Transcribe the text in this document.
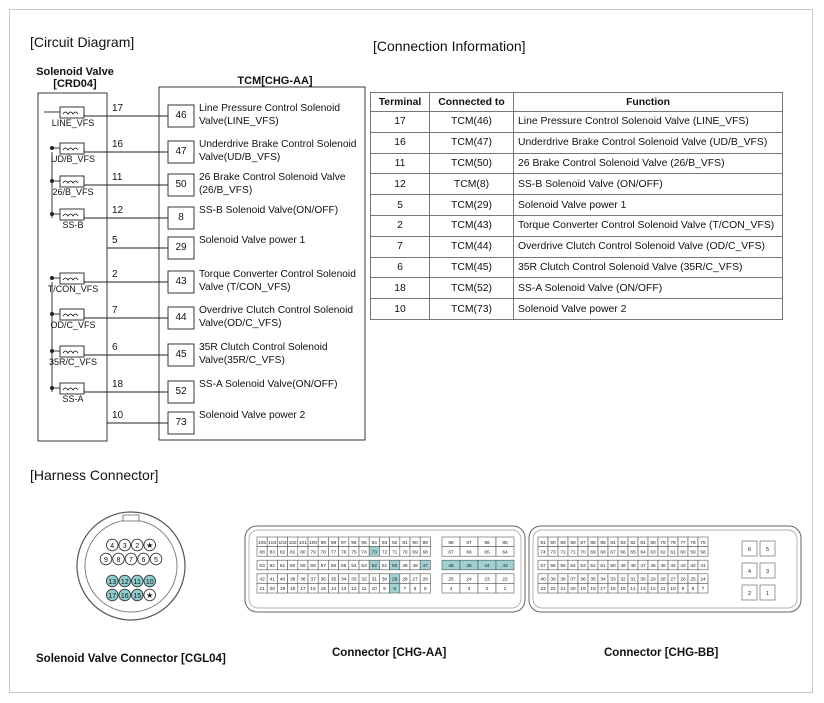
[Circuit Diagram]	[Connection Information]
[Harness Connector]
Solenoid Valve
[CRD04]	TCM[CHG-AA]
LINE_VFS
17
46
Line Pressure Control Solenoid Valve(LINE_VFS)
UD/B_VFS
16
47
Underdrive Brake Control Solenoid Valve(UD/B_VFS)
26/B_VFS
11
50
26 Brake Control Solenoid Valve (26/B_VFS)
SS-B
12
8
SS-B Solenoid Valve(ON/OFF)
5
29
Solenoid Valve power 1
T/CON_VFS
2
43
Torque Converter Control Solenoid Valve (T/CON_VFS)
OD/C_VFS
7
44
Overdrive Clutch Control Solenoid Valve(OD/C_VFS)
35R/C_VFS
6
45
35R Clutch Control Solenoid Valve(35R/C_VFS)
SS-A
18
52
SS-A Solenoid Valve(ON/OFF)
10
73
Solenoid Valve power 2
Terminal	Connected to	Function
17	TCM(46)	Line Pressure Control Solenoid Valve (LINE_VFS)
16	TCM(47)	Underdrive Brake Control Solenoid Valve (UD/B_VFS)
11	TCM(50)	26 Brake Control Solenoid Valve (26/B_VFS)
12	TCM(8)	SS-B Solenoid Valve (ON/OFF)
5	TCM(29)	Solenoid Valve power 1
2	TCM(43)	Torque Converter Control Solenoid Valve (T/CON_VFS)
7	TCM(44)	Overdrive Clutch Control Solenoid Valve (OD/C_VFS)
6	TCM(45)	35R Clutch Control Solenoid Valve (35R/C_VFS)
18	TCM(52)	SS-A Solenoid Valve (ON/OFF)
10	TCM(73)	Solenoid Valve power 2
4 3 2 ★
9 8 7 6 5
13 12 11 10
17 16 15 ★
105 104 103 102 101 100 99 98 97 96 95 94 93 92 91 90 89
88 83 82 81 80 79 78 77 76 75 74 73 72 71 70 69 68
63 62 61 60 59 58 57 56 55 54 53 52 51 50 49 48 47
42 41 40 39 38 37 36 35 34 33 32 31 30 29 28 27 26
21 20 19 18 17 16 15 14 13 12 11 10 9 8 7 6 5
88	87	86	85
67	66	65	64
46	45	44	43
25	24	23	22
4	3	2	1
91 90 89 88 87 86 85 84 83 82 81 80 79 78 77 76 75
74 73 72 71 70 69 68 67 66 65 64 63 62 61 60 59 58
57 56 55 54 53 52 51 50 49 48 47 46 45 44 43 42 41
40 39 38 37 36 35 34 33 32 31 30 29 28 27 26 25 24
23 22 21 20 19 18 17 16 15 14 13 12 11 10 9 8 7
6	5
4	3
2	1
Solenoid Valve Connector [CGL04]	Connector [CHG-AA]	Connector [CHG-BB]
